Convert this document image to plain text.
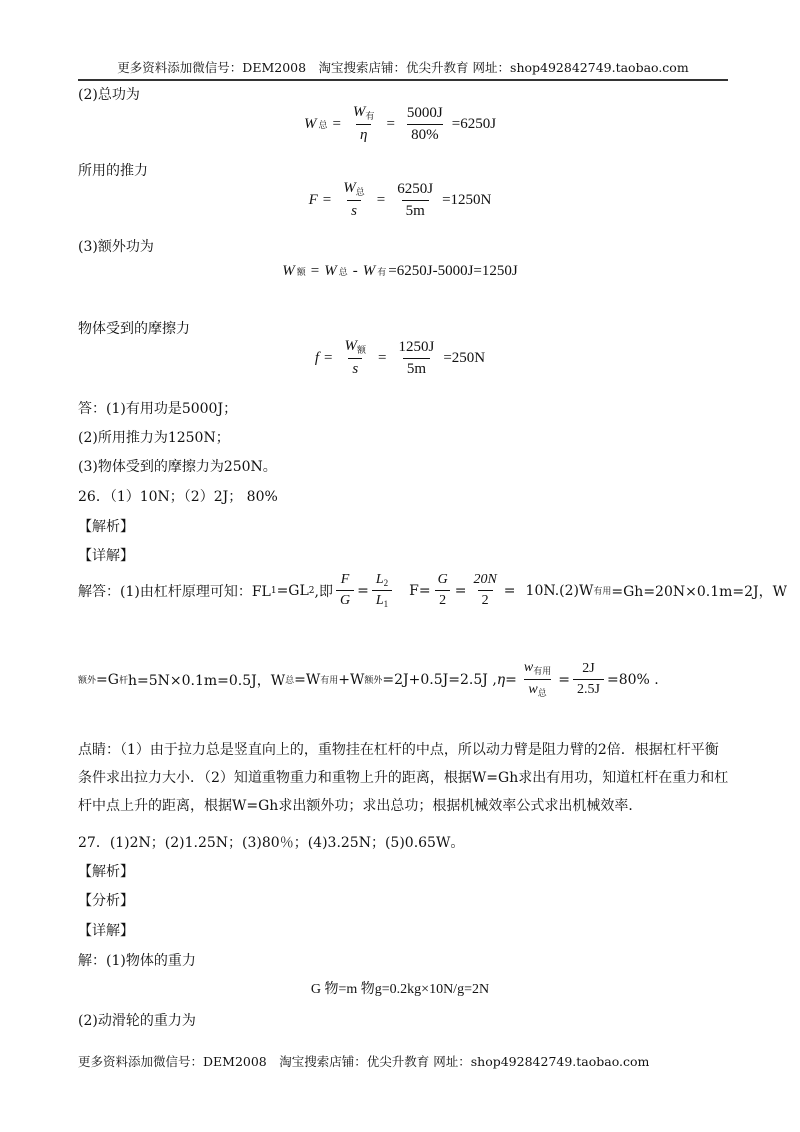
更多资料添加微信号：DEM2008　淘宝搜索店铺：优尖升教育 网址：shop492842749.taobao.com
(2)总功为
W 总 = $\frac{W_有}{\eta} = \frac{5000J}{80\%} =6250J$
所用的推力
$F = \frac{W_总}{s} = \frac{6250J}{5m} =1250N$
(3)额外功为
W 额 = W 总 - W 有 =6250J-5000J=1250J
物体受到的摩擦力
$f = \frac{W_额}{s} = \frac{1250J}{5m} =250N$
答：(1)有用功是5000J；
(2)所用推力为1250N；
(3)物体受到的摩擦力为250N。
26．（1）10N；（2）2J； 80%
【解析】
【详解】
解答：(1)由杠杆原理可知：FL 1 =GL 2 ,即 $\frac{F}{G} = \frac{L_2}{L_1} F= \frac{G}{2} = \frac{20N}{2} = 10N.(2)W$ 有用 =Gh=20N×0.1m=2J，W
额外 =G 杆 h=5N×0.1m=0.5J，W 总 =W 有用 +W 额外 =2J+0.5J=2.5J , $\eta= \frac{w_{有用}}{w_总} = \frac{2J}{2.5J} =80\%$ .
点睛：（1）由于拉力总是竖直向上的，重物挂在杠杆的中点，所以动力臂是阻力臂的2倍．根据杠杆平衡条件求出拉力大小．（2）知道重物重力和重物上升的距离，根据W=Gh求出有用功，知道杠杆在重力和杠杆中点上升的距离，根据W=Gh求出额外功；求出总功；根据机械效率公式求出机械效率．
27．(1)2N；(2)1.25N；(3)80％；(4)3.25N；(5)0.65W。
【解析】
【分析】
【详解】
解：(1)物体的重力
G 物=m 物g=0.2kg×10N/g=2N
(2)动滑轮的重力为
更多资料添加微信号：DEM2008　淘宝搜索店铺：优尖升教育 网址：shop492842749.taobao.com
